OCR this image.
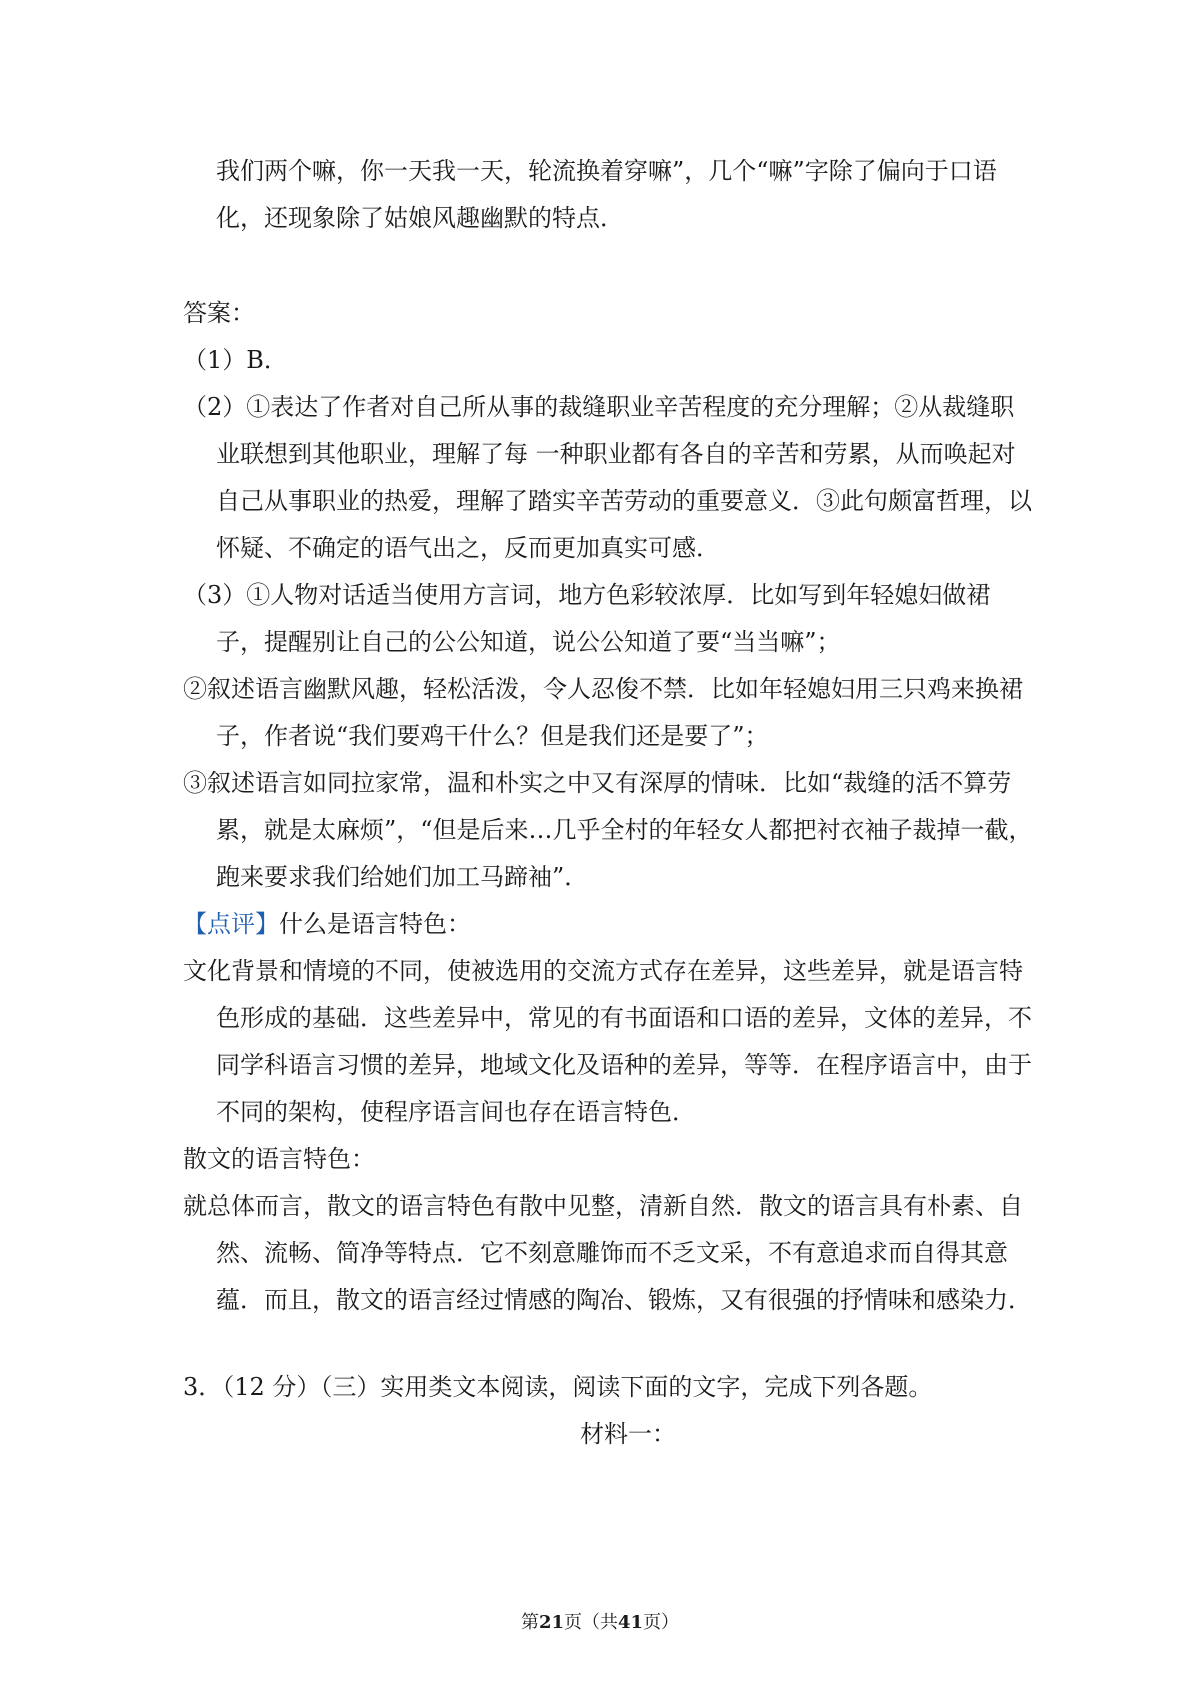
我们两个嘛，你一天我一天，轮流换着穿嘛”，几个“嘛”字除了偏向于口语

化，还现象除了姑娘风趣幽默的特点．

答案：

（1）B．

（2）①表达了作者对自己所从事的裁缝职业辛苦程度的充分理解；②从裁缝职业联想到其他职业，理解了每 一种职业都有各自的辛苦和劳累，从而唤起对自己从事职业的热爱，理解了踏实辛苦劳动的重要意义．③此句颇富哲理，以怀疑、不确定的语气出之，反而更加真实可感．

（3）①人物对话适当使用方言词，地方色彩较浓厚．比如写到年轻媳妇做裙子，提醒别让自己的公公知道，说公公知道了要“当当嘛”；

②叙述语言幽默风趣，轻松活泼，令人忍俊不禁．比如年轻媳妇用三只鸡来换裙子，作者说“我们要鸡干什么？但是我们还是要了”；

③叙述语言如同拉家常，温和朴实之中又有深厚的情味．比如“裁缝的活不算劳累，就是太麻烦”，“但是后来…几乎全村的年轻女人都把衬衣袖子裁掉一截，跑来要求我们给她们加工马蹄袖”．

【点评】什么是语言特色：

文化背景和情境的不同，使被选用的交流方式存在差异，这些差异，就是语言特色形成的基础．这些差异中，常见的有书面语和口语的差异，文体的差异，不同学科语言习惯的差异，地域文化及语种的差异，等等．在程序语言中，由于不同的架构，使程序语言间也存在语言特色．

散文的语言特色：

就总体而言，散文的语言特色有散中见整，清新自然．散文的语言具有朴素、自然、流畅、简净等特点．它不刻意雕饰而不乏文采，不有意追求而自得其意蕴．而且，散文的语言经过情感的陶冶、锻炼，又有很强的抒情味和感染力．

3．（12 分）（三）实用类文本阅读，阅读下面的文字，完成下列各题。

材料一：

第21页（共41页）
